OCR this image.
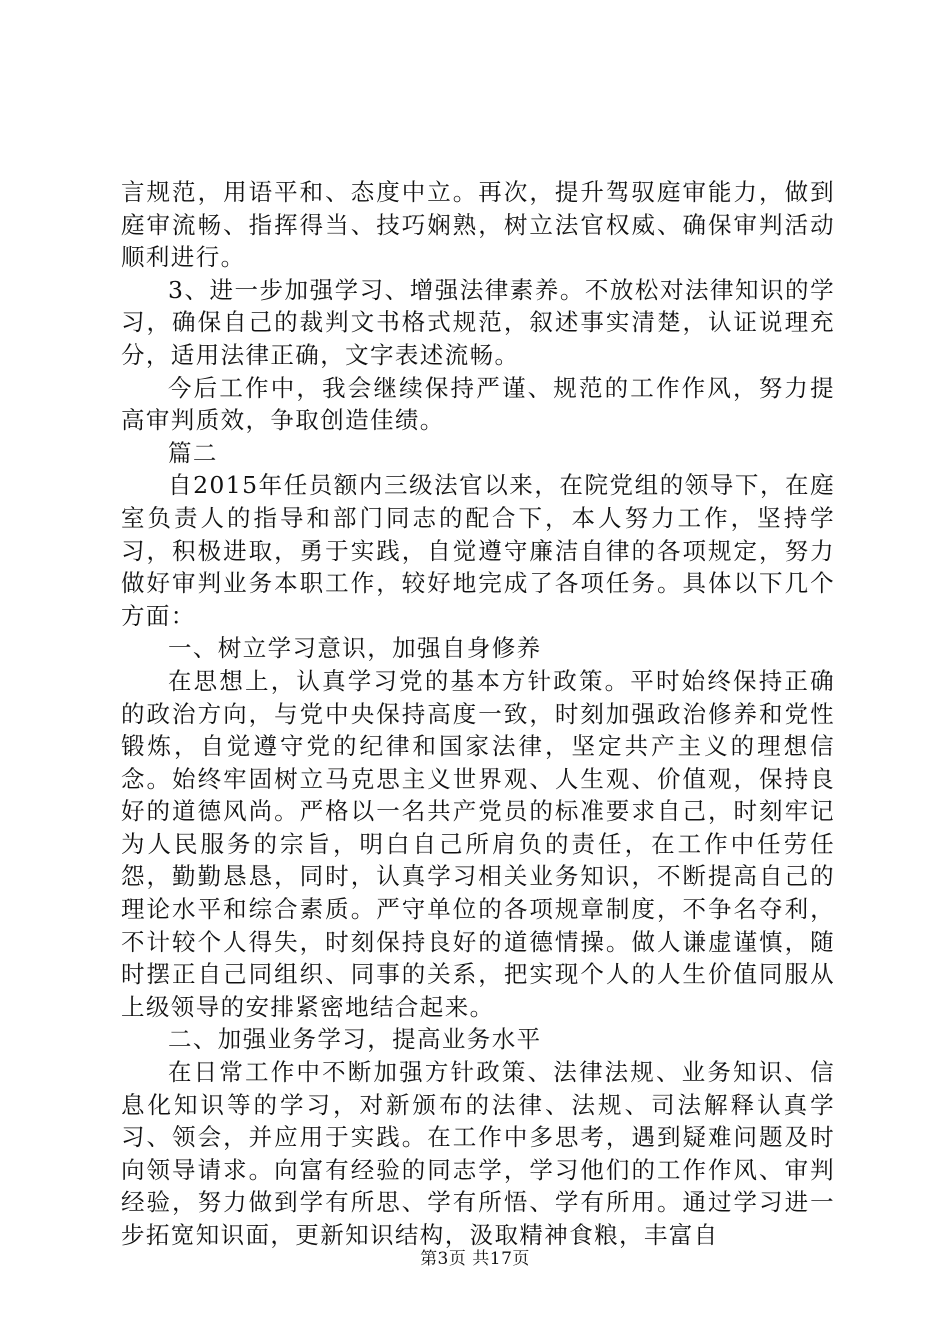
言规范，用语平和、态度中立。再次，提升驾驭庭审能力，做到庭审流畅、指挥得当、技巧娴熟，树立法官权威、确保审判活动顺利进行。

3、进一步加强学习、增强法律素养。不放松对法律知识的学习，确保自己的裁判文书格式规范，叙述事实清楚，认证说理充分，适用法律正确，文字表述流畅。

今后工作中，我会继续保持严谨、规范的工作作风，努力提高审判质效，争取创造佳绩。

篇二

自2015年任员额内三级法官以来，在院党组的领导下，在庭室负责人的指导和部门同志的配合下，本人努力工作，坚持学习，积极进取，勇于实践，自觉遵守廉洁自律的各项规定，努力做好审判业务本职工作，较好地完成了各项任务。具体以下几个方面：

一、树立学习意识，加强自身修养

在思想上，认真学习党的基本方针政策。平时始终保持正确的政治方向，与党中央保持高度一致，时刻加强政治修养和党性锻炼，自觉遵守党的纪律和国家法律，坚定共产主义的理想信念。始终牢固树立马克思主义世界观、人生观、价值观，保持良好的道德风尚。严格以一名共产党员的标准要求自己，时刻牢记为人民服务的宗旨，明白自己所肩负的责任，在工作中任劳任怨，勤勤恳恳，同时，认真学习相关业务知识，不断提高自己的理论水平和综合素质。严守单位的各项规章制度，不争名夺利，不计较个人得失，时刻保持良好的道德情操。做人谦虚谨慎，随时摆正自己同组织、同事的关系，把实现个人的人生价值同服从上级领导的安排紧密地结合起来。

二、加强业务学习，提高业务水平

在日常工作中不断加强方针政策、法律法规、业务知识、信息化知识等的学习，对新颁布的法律、法规、司法解释认真学习、领会，并应用于实践。在工作中多思考，遇到疑难问题及时向领导请求。向富有经验的同志学，学习他们的工作作风、审判经验，努力做到学有所思、学有所悟、学有所用。通过学习进一步拓宽知识面，更新知识结构，汲取精神食粮，丰富自

第3页 共17页
